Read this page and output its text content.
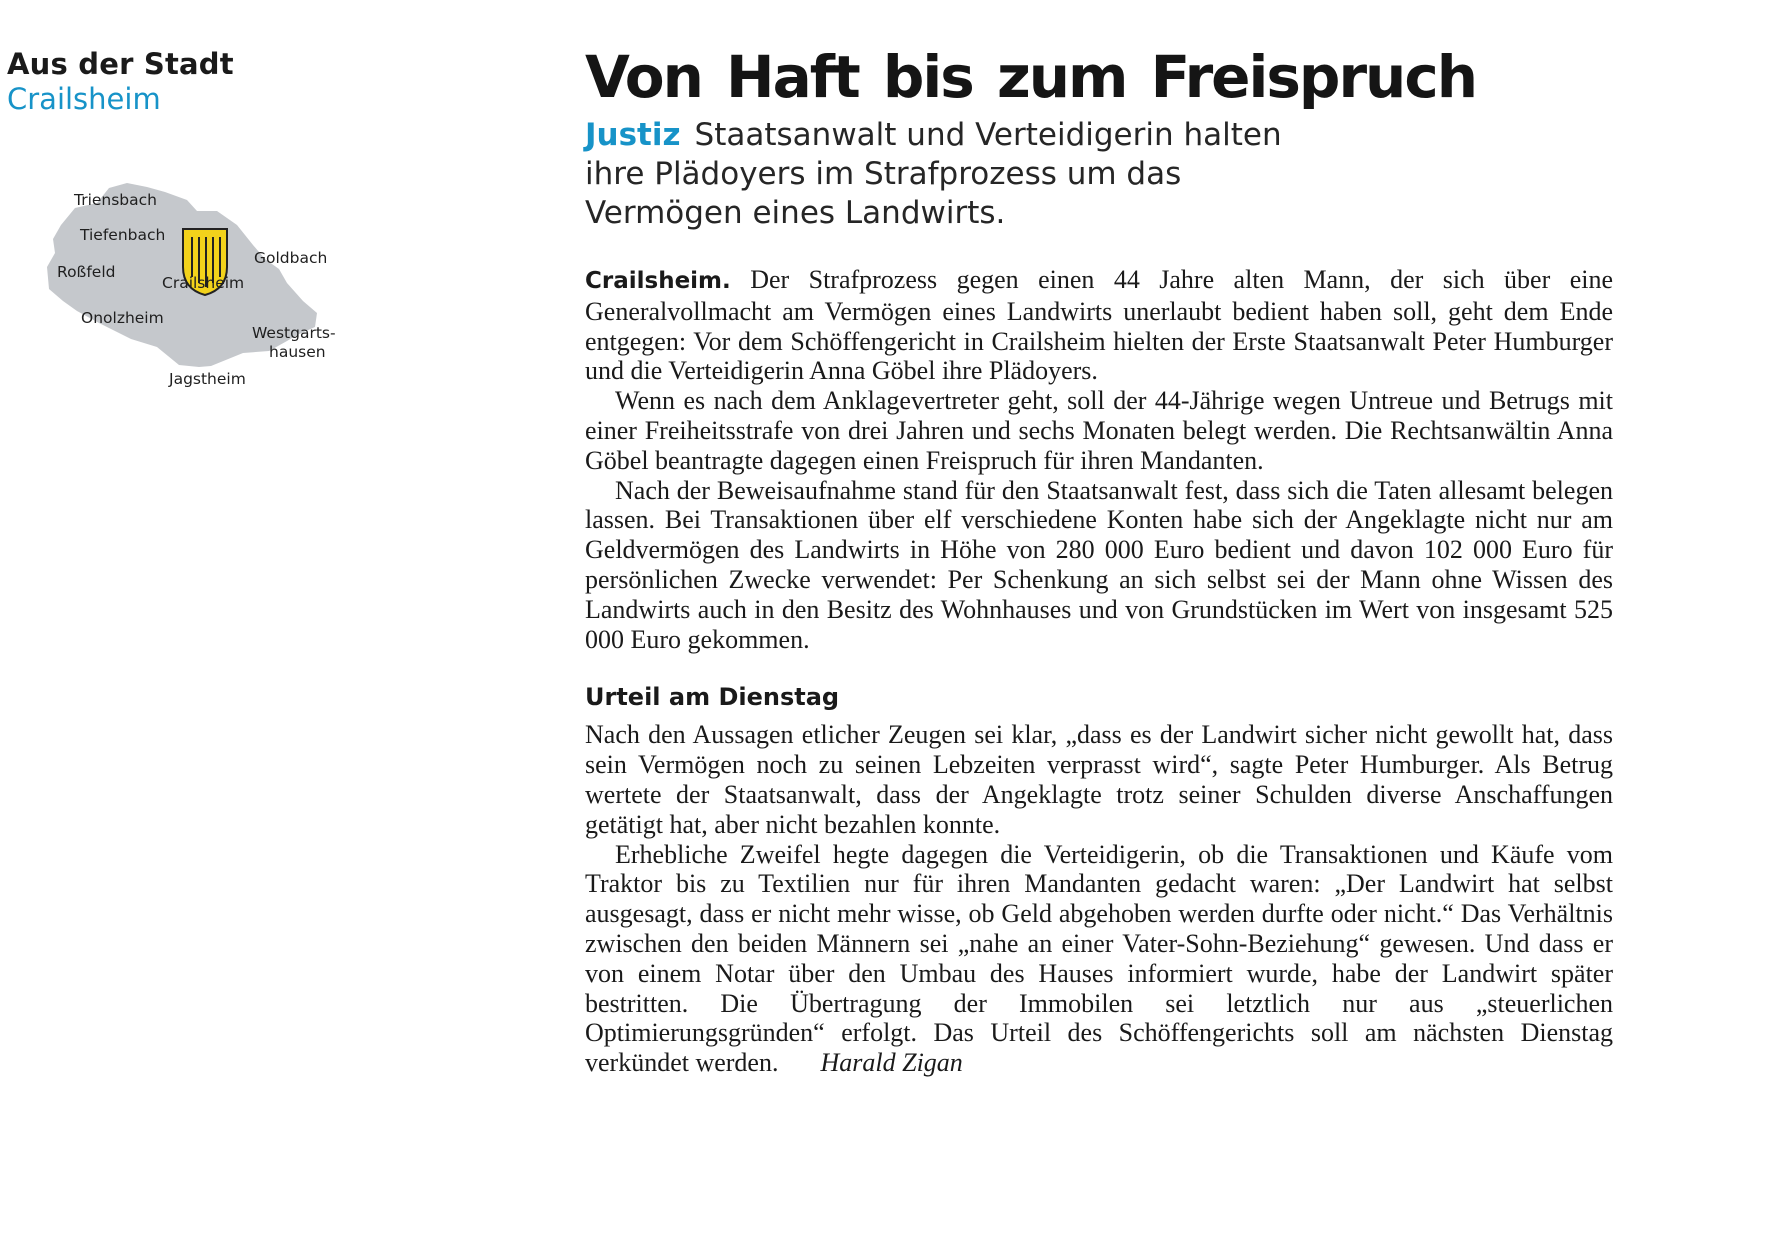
Aus der Stadt
Crailsheim
Triensbach
Tiefenbach
Roßfeld
Crailsheim
Goldbach
Westgarts-
hausen
Onolzheim
Jagstheim
Von Haft bis zum Freispruch
Justiz Staatsanwalt und Verteidigerin halten ihre Plädoyers im Strafprozess um das Vermögen eines Landwirts.

Crailsheim. Der Strafprozess gegen einen 44 Jahre alten Mann, der sich über eine Generalvollmacht am Vermögen eines Landwirts unerlaubt bedient haben soll, geht dem Ende entgegen: Vor dem Schöffengericht in Crailsheim hielten der Erste Staatsanwalt Peter Humburger und die Verteidigerin Anna Göbel ihre Plädoyers.

Wenn es nach dem Anklagevertreter geht, soll der 44-Jährige wegen Untreue und Betrugs mit einer Freiheitsstrafe von drei Jahren und sechs Monaten belegt werden. Die Rechtsanwältin Anna Göbel beantragte dagegen einen Freispruch für ihren Mandanten.

Nach der Beweisaufnahme stand für den Staatsanwalt fest, dass sich die Taten allesamt belegen lassen. Bei Transaktionen über elf verschiedene Konten habe sich der Angeklagte nicht nur am Geldvermögen des Landwirts in Höhe von 280 000 Euro bedient und davon 102 000 Euro für persönlichen Zwecke verwendet: Per Schenkung an sich selbst sei der Mann ohne Wissen des Landwirts auch in den Besitz des Wohnhauses und von Grundstücken im Wert von insgesamt 525 000 Euro gekommen.

Urteil am Dienstag

Nach den Aussagen etlicher Zeugen sei klar, „dass es der Landwirt sicher nicht gewollt hat, dass sein Vermögen noch zu seinen Lebzeiten verprasst wird“, sagte Peter Humburger. Als Betrug wertete der Staatsanwalt, dass der Angeklagte trotz seiner Schulden diverse Anschaffungen getätigt hat, aber nicht bezahlen konnte.

Erhebliche Zweifel hegte dagegen die Verteidigerin, ob die Transaktionen und Käufe vom Traktor bis zu Textilien nur für ihren Mandanten gedacht waren: „Der Landwirt hat selbst ausgesagt, dass er nicht mehr wisse, ob Geld abgehoben werden durfte oder nicht.“ Das Verhältnis zwischen den beiden Männern sei „nahe an einer Vater-Sohn-Beziehung“ gewesen. Und dass er von einem Notar über den Umbau des Hauses informiert wurde, habe der Landwirt später bestritten. Die Übertragung der Immobilen sei letztlich nur aus „steuerlichen Optimierungsgründen“ erfolgt. Das Urteil des Schöffengerichts soll am nächsten Dienstag verkündet werden. Harald Zigan
